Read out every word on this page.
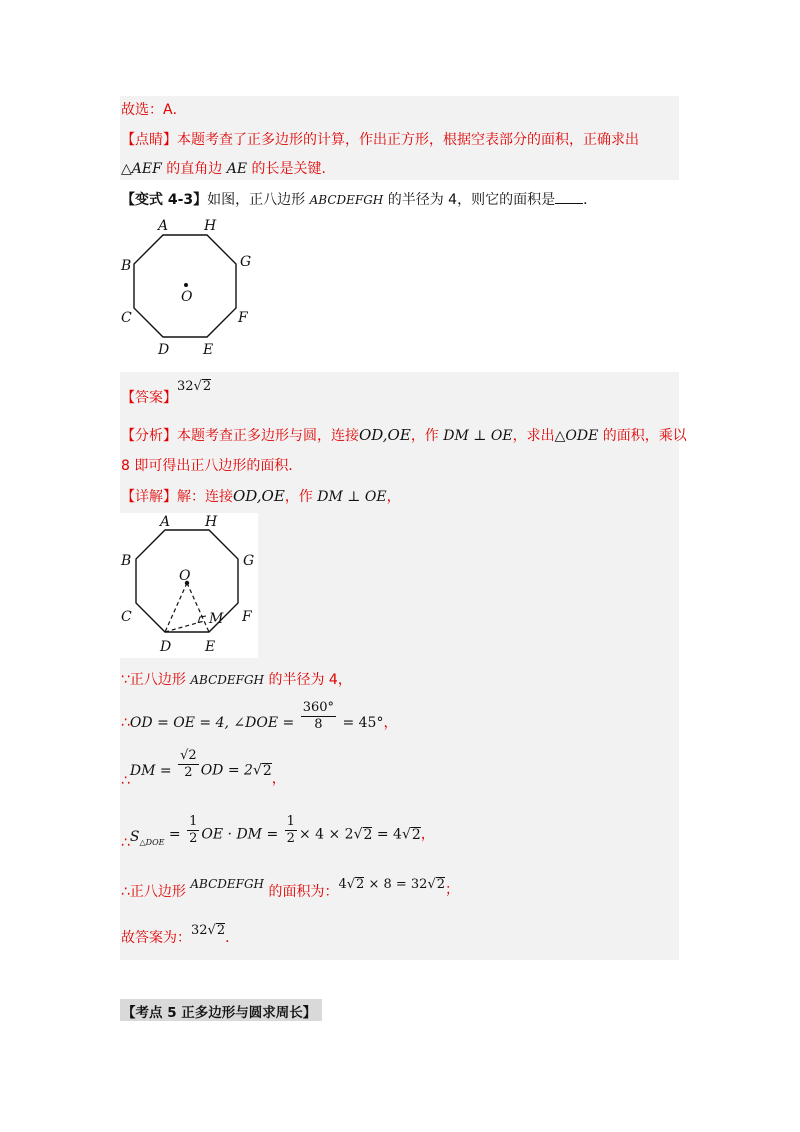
故选：A．
【点睛】本题考查了正多边形的计算，作出正方形，根据空表部分的面积，正确求出
△AEF 的直角边 AE 的长是关键．
【变式 4-3】如图，正八边形 ABCDEFGH 的半径为 4，则它的面积是 ．
A	H
B	G
C	F
D E
O
【答案】32√2
【分析】本题考查正多边形与圆，连接OD,OE，作 DM ⊥ OE，求出△ODE 的面积，乘以
8 即可得出正八边形的面积．
【详解】解：连接OD,OE，作 DM ⊥ OE，
A H
B	G
C	F
D E
O
M
∵正八边形 ABCDEFGH 的半径为 4，
∴OD = OE = 4, ∠DOE = $\frac{360^\circ}{8} = 45^\circ$，
∴DM = $\frac{√2}{2}$ OD = 2√2，
$\therefore S_{\triangle DOE} = \frac{1}{2}$ OE · DM = $\frac{1}{2} \times 4 \times 2√2 = 4√2$，
∴正八边形 ABCDEFGH 的面积为：4√2 × 8 = 32√2；
故答案为：32√2．
【考点 5 正多边形与圆求周长】
